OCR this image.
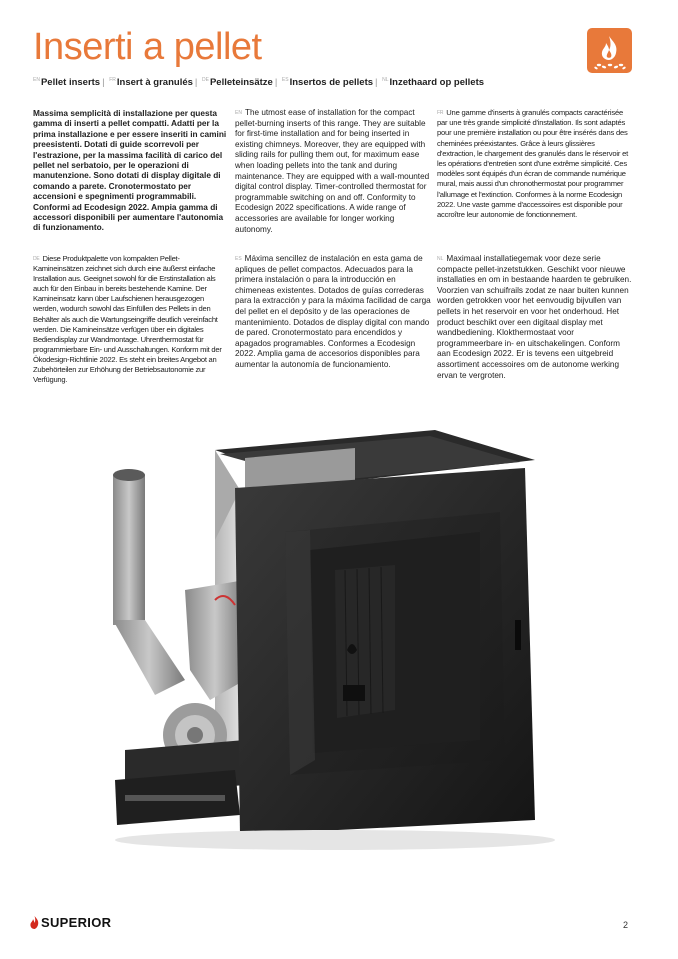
Inserti a pellet
$^{EN}$Pellet inserts | $^{FR}$Insert à granulés | $^{DE}$Pelleteinsätze | $^{ES}$Insertos de pellets | $^{NL}$Inzethaard op pellets
Massima semplicità di installazione per questa gamma di inserti a pellet compatti. Adatti per la prima installazione e per essere inseriti in camini preesistenti. Dotati di guide scorrevoli per l'estrazione, per la massima facilità di carico del pellet nel serbatoio, per le operazioni di manutenzione. Sono dotati di display digitale di comando a parete. Cronotermostato per accensioni e spegnimenti programmabili. Conformi ad Ecodesign 2022. Ampia gamma di accessori disponibili per aumentare l'autonomia di funzionamento.
$^{DE}$ Diese Produktpalette von kompakten Pellet-Kamineinsätzen zeichnet sich durch eine äußerst einfache Installation aus. Geeignet sowohl für die Erstinstallation als auch für den Einbau in bereits bestehende Kamine. Der Kamineinsatz kann über Laufschienen herausgezogen werden, wodurch sowohl das Einfüllen des Pellets in den Behälter als auch die Wartungseingriffe deutlich vereinfacht werden. Die Kamineinsätze verfügen über ein digitales Bediendisplay zur Wandmontage. Uhrenthermostat für programmierbare Ein- und Ausschaltungen. Konform mit der Ökodesign-Richtlinie 2022. Es steht ein breites Angebot an Zubehörteilen zur Erhöhung der Betriebsautonomie zur Verfügung.
$^{EN}$ The utmost ease of installation for the compact pellet-burning inserts of this range. They are suitable for first-time installation and for being inserted in existing chimneys. Moreover, they are equipped with sliding rails for pulling them out, for maximum ease when loading pellets into the tank and during maintenance. They are equipped with a wall-mounted digital control display. Timer-controlled thermostat for programmable switching on and off. Conformity to Ecodesign 2022 specifications. A wide range of accessories are available for longer working autonomy.
$^{ES}$ Máxima sencillez de instalación en esta gama de apliques de pellet compactos. Adecuados para la primera instalación o para la introducción en chimeneas existentes. Dotados de guías correderas para la extracción y para la máxima facilidad de carga del pellet en el depósito y de las operaciones de mantenimiento. Dotados de display digital con mando de pared. Cronotermostato para encendidos y apagados programables. Conformes a Ecodesign 2022. Amplia gama de accesorios disponibles para aumentar la autonomía de funcionamiento.
$^{FR}$ Une gamme d'inserts à granulés compacts caractérisée par une très grande simplicité d'installation. Ils sont adaptés pour une première installation ou pour être insérés dans des cheminées préexistantes. Grâce à leurs glissières d'extraction, le chargement des granulés dans le réservoir et les opérations d'entretien sont d'une extrême simplicité. Ces modèles sont équipés d'un écran de commande numérique mural, mais aussi d'un chronothermostat pour programmer l'allumage et l'extinction. Conformes à la norme Ecodesign 2022. Une vaste gamme d'accessoires est disponible pour accroître leur autonomie de fonctionnement.
$^{NL}$ Maximaal installatiegemak voor deze serie compacte pellet-inzetstukken. Geschikt voor nieuwe installaties en om in bestaande haarden te gebruiken. Voorzien van schuifrails zodat ze naar buiten kunnen worden getrokken voor het eenvoudig bijvullen van pellets in het reservoir en voor het onderhoud. Het product beschikt over een digitaal display met wandbediening. Klokthermostaat voor programmeerbare in- en uitschakelingen. Conform aan Ecodesign 2022. Er is tevens een uitgebreid assortiment accessoires om de autonome werking ervan te vergroten.
SUPERIOR	2
